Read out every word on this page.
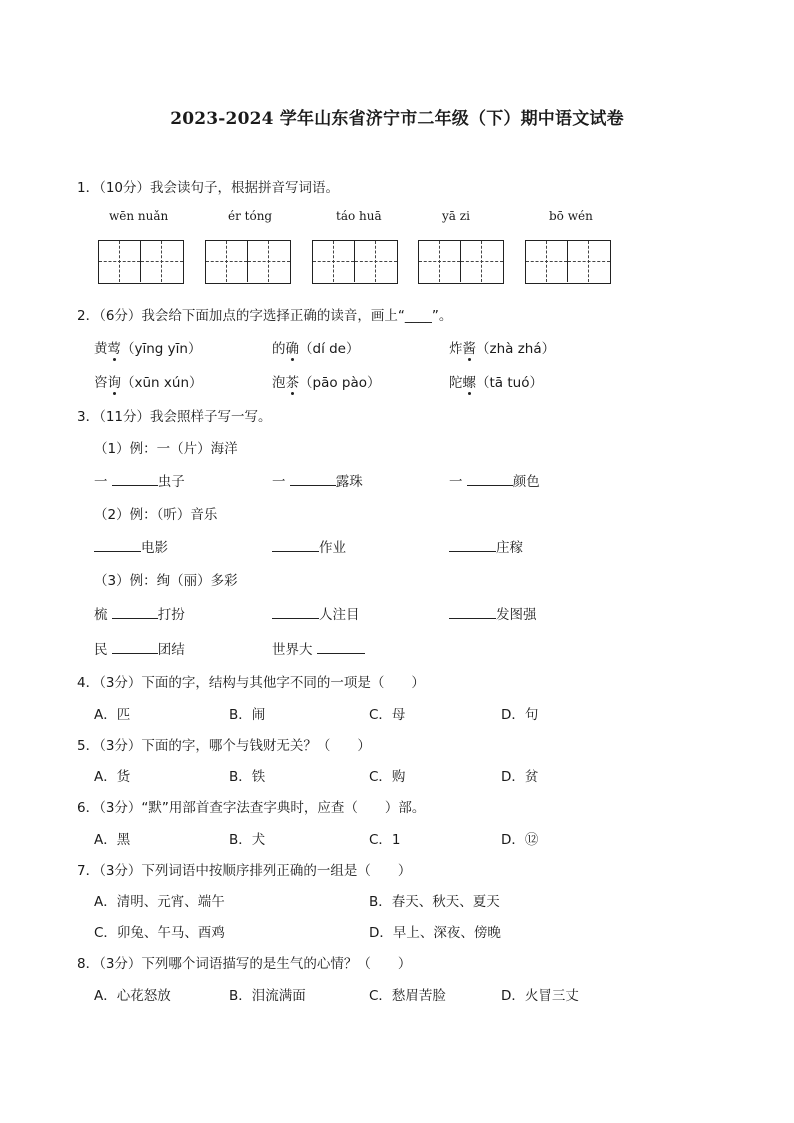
2023-2024 学年山东省济宁市二年级（下）期中语文试卷
1．（10分）我会读句子，根据拼音写词语。
wēn nuǎn	ér tóng	táo huā	yā zi	bō wén
2．（6分）我会给下面加点的字选择正确的读音，画上“____”。
黄莺（yīng yīn）	的确（dí de）	炸酱（zhà zhá）
咨询（xūn xún）	泡茶（pāo pào）	陀螺（tā tuó）
3．（11分）我会照样子写一写。
（1）例：一（片）海洋
一	虫子	一	露珠	一	颜色
（2）例：（听）音乐
电影	作业	庄稼
（3）例：绚（丽）多彩
梳	打扮	人注目	发图强
民	团结	世界大
4．（3分）下面的字，结构与其他字不同的一项是（　　）
A．匹	B．闹	C．母	D．句
5．（3分）下面的字，哪个与钱财无关？（　　）
A．货	B．铁	C．购	D．贫
6．（3分）“默”用部首查字法查字典时，应查（　　）部。
A．黑	B．犬	C．1	D．⑫
7．（3分）下列词语中按顺序排列正确的一组是（　　）
A．清明、元宵、端午	B．春天、秋天、夏天
C．卯兔、午马、酉鸡	D．早上、深夜、傍晚
8．（3分）下列哪个词语描写的是生气的心情？（　　）
A．心花怒放	B．泪流满面	C．愁眉苦脸	D．火冒三丈
